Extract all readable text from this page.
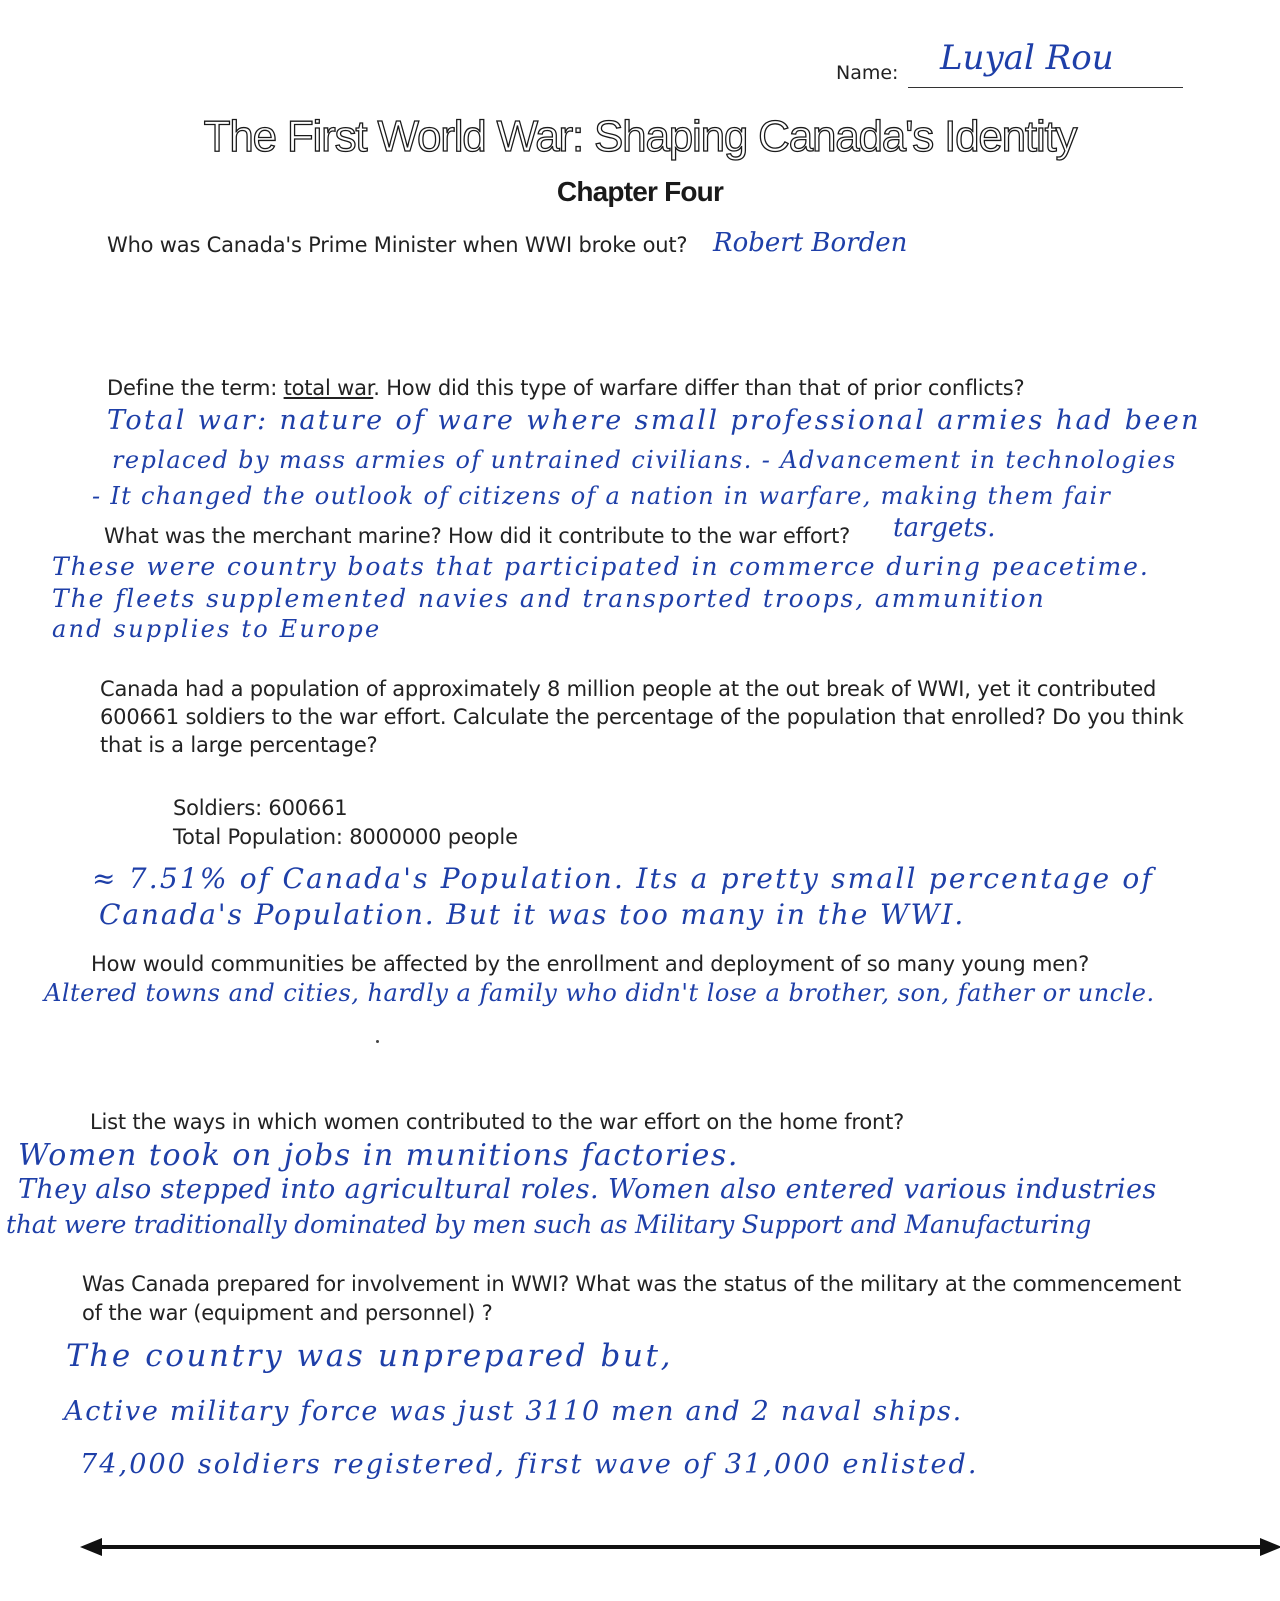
Name: Luyal Rou
The First World War: Shaping Canada's Identity
Chapter Four
Who was Canada's Prime Minister when WWI broke out? Robert Borden
Define the term: total war. How did this type of warfare differ than that of prior conflicts?
Total war: nature of ware where small professional armies had been
replaced by mass armies of untrained civilians. - Advancement in technologies
- It changed the outlook of citizens of a nation in warfare, making them fair
targets.
What was the merchant marine? How did it contribute to the war effort?
These were country boats that participated in commerce during peacetime.
The fleets supplemented navies and transported troops, ammunition
and supplies to Europe
Canada had a population of approximately 8 million people at the out break of WWI, yet it contributed
600661 soldiers to the war effort. Calculate the percentage of the population that enrolled? Do you think
that is a large percentage?
Soldiers: 600661
Total Population: 8000000 people
≈ 7.51% of Canada's Population. Its a pretty small percentage of
Canada's Population. But it was too many in the WWI.
How would communities be affected by the enrollment and deployment of so many young men?
Altered towns and cities, hardly a family who didn't lose a brother, son, father or uncle.
List the ways in which women contributed to the war effort on the home front?
Women took on jobs in munitions factories.
They also stepped into agricultural roles. Women also entered various industries
that were traditionally dominated by men such as Military Support and Manufacturing
Was Canada prepared for involvement in WWI? What was the status of the military at the commencement
of the war (equipment and personnel) ?
The country was unprepared but,
Active military force was just 3110 men and 2 naval ships.
74,000 soldiers registered, first wave of 31,000 enlisted.
